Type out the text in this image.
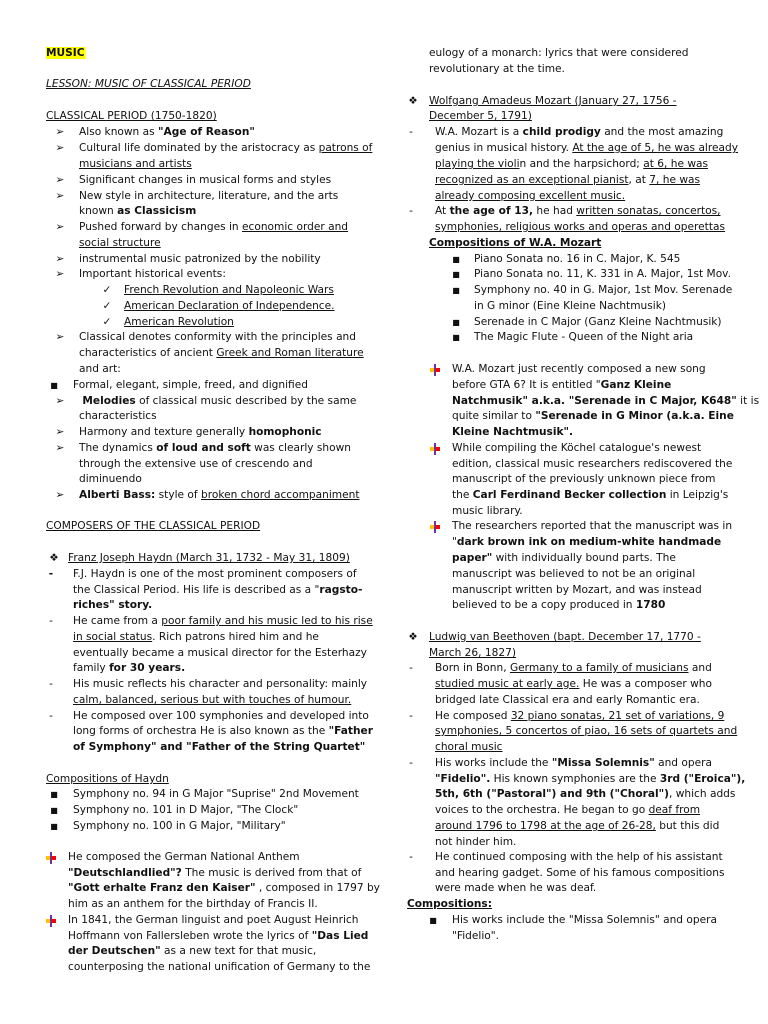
MUSIC
LESSON: MUSIC OF CLASSICAL PERIOD
CLASSICAL PERIOD (1750-1820)
➢ Also known as "Age of Reason"
➢ Cultural life dominated by the aristocracy as patrons of
musicians and artists
➢ Significant changes in musical forms and styles
➢ New style in architecture, literature, and the arts
known as Classicism
➢ Pushed forward by changes in economic order and
social structure
➢ instrumental music patronized by the nobility
➢ Important historical events:
✓ French Revolution and Napoleonic Wars
✓ American Declaration of Independence.
✓ American Revolution
➢ Classical denotes conformity with the principles and
characteristics of ancient Greek and Roman literature
and art:
■	Formal, elegant, simple, freed, and dignified
➢	Melodies of classical music described by the same
characteristics
➢ Harmony and texture generally homophonic
➢ The dynamics of loud and soft was clearly shown
through the extensive use of crescendo and
diminuendo
➢ Alberti Bass: style of broken chord accompaniment
COMPOSERS OF THE CLASSICAL PERIOD
❖ Franz Joseph Haydn (March 31, 1732 - May 31, 1809)
-	F.J. Haydn is one of the most prominent composers of
the Classical Period. His life is described as a "ragsto-
riches" story.
-	He came from a poor family and his music led to his rise
in social status. Rich patrons hired him and he
eventually became a musical director for the Esterhazy
family for 30 years.
-	His music reflects his character and personality: mainly
calm, balanced, serious but with touches of humour.
-	He composed over 100 symphonies and developed into
long forms of orchestra He is also known as the "Father
of Symphony" and "Father of the String Quartet"
Compositions of Haydn
■	Symphony no. 94 in G Major "Suprise" 2nd Movement
■	Symphony no. 101 in D Major, "The Clock"
■	Symphony no. 100 in G Major, "Military"
He composed the German National Anthem
"Deutschlandlied"? The music is derived from that of
"Gott erhalte Franz den Kaiser" , composed in 1797 by
him as an anthem for the birthday of Francis II.
In 1841, the German linguist and poet August Heinrich
Hoffmann von Fallersleben wrote the lyrics of "Das Lied
der Deutschen" as a new text for that music,
counterposing the national unification of Germany to the
eulogy of a monarch: lyrics that were considered
revolutionary at the time.
❖ Wolfgang Amadeus Mozart (January 27, 1756 -
December 5, 1791)
-	W.A. Mozart is a child prodigy and the most amazing
genius in musical history. At the age of 5, he was already
playing the violin and the harpsichord; at 6, he was
recognized as an exceptional pianist, at 7, he was
already composing excellent music.
-	At the age of 13, he had written sonatas, concertos,
symphonies, religious works and operas and operettas
Compositions of W.A. Mozart
■	Piano Sonata no. 16 in C. Major, K. 545
■	Piano Sonata no. 11, K. 331 in A. Major, 1st Mov.
■	Symphony no. 40 in G. Major, 1st Mov. Serenade
in G minor (Eine Kleine Nachtmusik)
■	Serenade in C Major (Ganz Kleine Nachtmusik)
■	The Magic Flute - Queen of the Night aria
W.A. Mozart just recently composed a new song
before GTA 6? It is entitled "Ganz Kleine
Natchmusik" a.k.a. "Serenade in C Major, K648" it is
quite similar to "Serenade in G Minor (a.k.a. Eine
Kleine Nachtmusik".
While compiling the Köchel catalogue's newest
edition, classical music researchers rediscovered the
manuscript of the previously unknown piece from
the Carl Ferdinand Becker collection in Leipzig's
music library.
The researchers reported that the manuscript was in
"dark brown ink on medium-white handmade
paper" with individually bound parts. The
manuscript was believed to not be an original
manuscript written by Mozart, and was instead
believed to be a copy produced in 1780
❖ Ludwig van Beethoven (bapt. December 17, 1770 -
March 26, 1827)
-	Born in Bonn, Germany to a family of musicians and
studied music at early age. He was a composer who
bridged late Classical era and early Romantic era.
-	He composed 32 piano sonatas, 21 set of variations, 9
symphonies, 5 concertos of piao, 16 sets of quartets and
choral music
-	His works include the "Missa Solemnis" and opera
"Fidelio". His known symphonies are the 3rd ("Eroica"),
5th, 6th ("Pastoral") and 9th ("Choral"), which adds
voices to the orchestra. He began to go deaf from
around 1796 to 1798 at the age of 26-28, but this did
not hinder him.
-	He continued composing with the help of his assistant
and hearing gadget. Some of his famous compositions
were made when he was deaf.
Compositions:
■	His works include the "Missa Solemnis" and opera
"Fidelio".
